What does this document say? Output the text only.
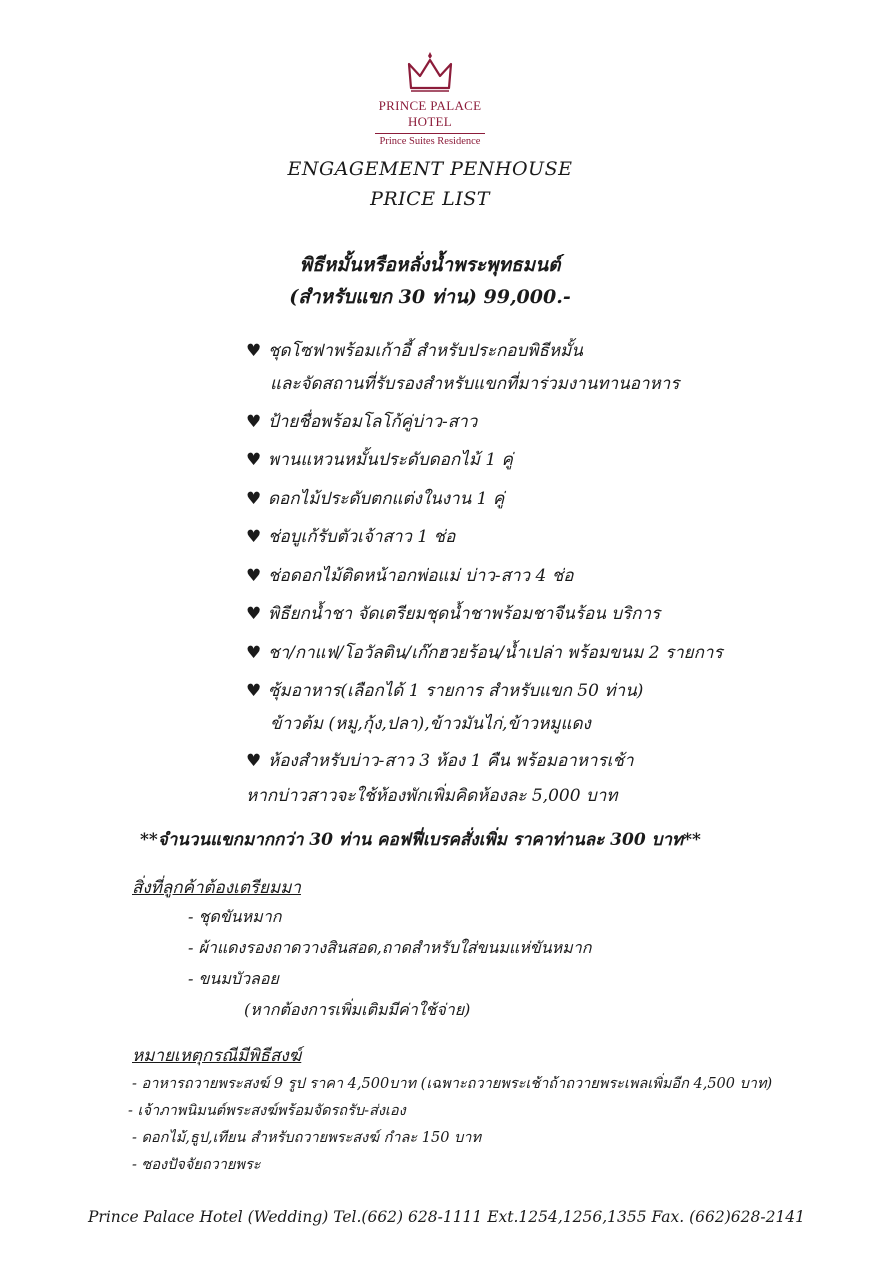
PRINCE PALACE HOTEL
Prince Suites Residence
ENGAGEMENT PENHOUSE
PRICE LIST
พิธีหมั้นหรือหลั่งน้ำพระพุทธมนต์
(สำหรับแขก 30 ท่าน) 99,000.-
♥ ชุดโซฟาพร้อมเก้าอี้ สำหรับประกอบพิธีหมั้น
และจัดสถานที่รับรองสำหรับแขกที่มาร่วมงานทานอาหาร
♥ ป้ายชื่อพร้อมโลโก้คู่บ่าว-สาว
♥ พานแหวนหมั้นประดับดอกไม้ 1 คู่
♥ ดอกไม้ประดับตกแต่งในงาน 1 คู่
♥ ช่อบูเก้รับตัวเจ้าสาว 1 ช่อ
♥ ช่อดอกไม้ติดหน้าอกพ่อแม่ บ่าว-สาว 4 ช่อ
♥ พิธียกน้ำชา จัดเตรียมชุดน้ำชาพร้อมชาจีนร้อน บริการ
♥ ชา/กาแฟ/โอวัลติน/เก๊กฮวยร้อน/น้ำเปล่า พร้อมขนม 2 รายการ
♥ ซุ้มอาหาร(เลือกได้ 1 รายการ สำหรับแขก 50 ท่าน)
ข้าวต้ม (หมู,กุ้ง,ปลา),ข้าวมันไก่,ข้าวหมูแดง
♥ ห้องสำหรับบ่าว-สาว 3 ห้อง 1 คืน พร้อมอาหารเช้า
หากบ่าวสาวจะใช้ห้องพักเพิ่มคิดห้องละ 5,000 บาท
**จำนวนแขกมากกว่า 30 ท่าน คอฟฟี่เบรคสั่งเพิ่ม ราคาท่านละ 300 บาท**
สิ่งที่ลูกค้าต้องเตรียมมา
- ชุดขันหมาก
- ผ้าแดงรองถาดวางสินสอด,ถาดสำหรับใส่ขนมแห่ขันหมาก
- ขนมบัวลอย
(หากต้องการเพิ่มเติมมีค่าใช้จ่าย)
หมายเหตุกรณีมีพิธีสงฆ์
- อาหารถวายพระสงฆ์ 9 รูป ราคา 4,500บาท (เฉพาะถวายพระเช้าถ้าถวายพระเพลเพิ่มอีก 4,500 บาท)
- เจ้าภาพนิมนต์พระสงฆ์พร้อมจัดรถรับ-ส่งเอง
- ดอกไม้,ธูป,เทียน สำหรับถวายพระสงฆ์ กำละ 150 บาท
- ซองปัจจัยถวายพระ
Prince Palace Hotel (Wedding) Tel.(662) 628-1111 Ext.1254,1256,1355 Fax. (662)628-2141
